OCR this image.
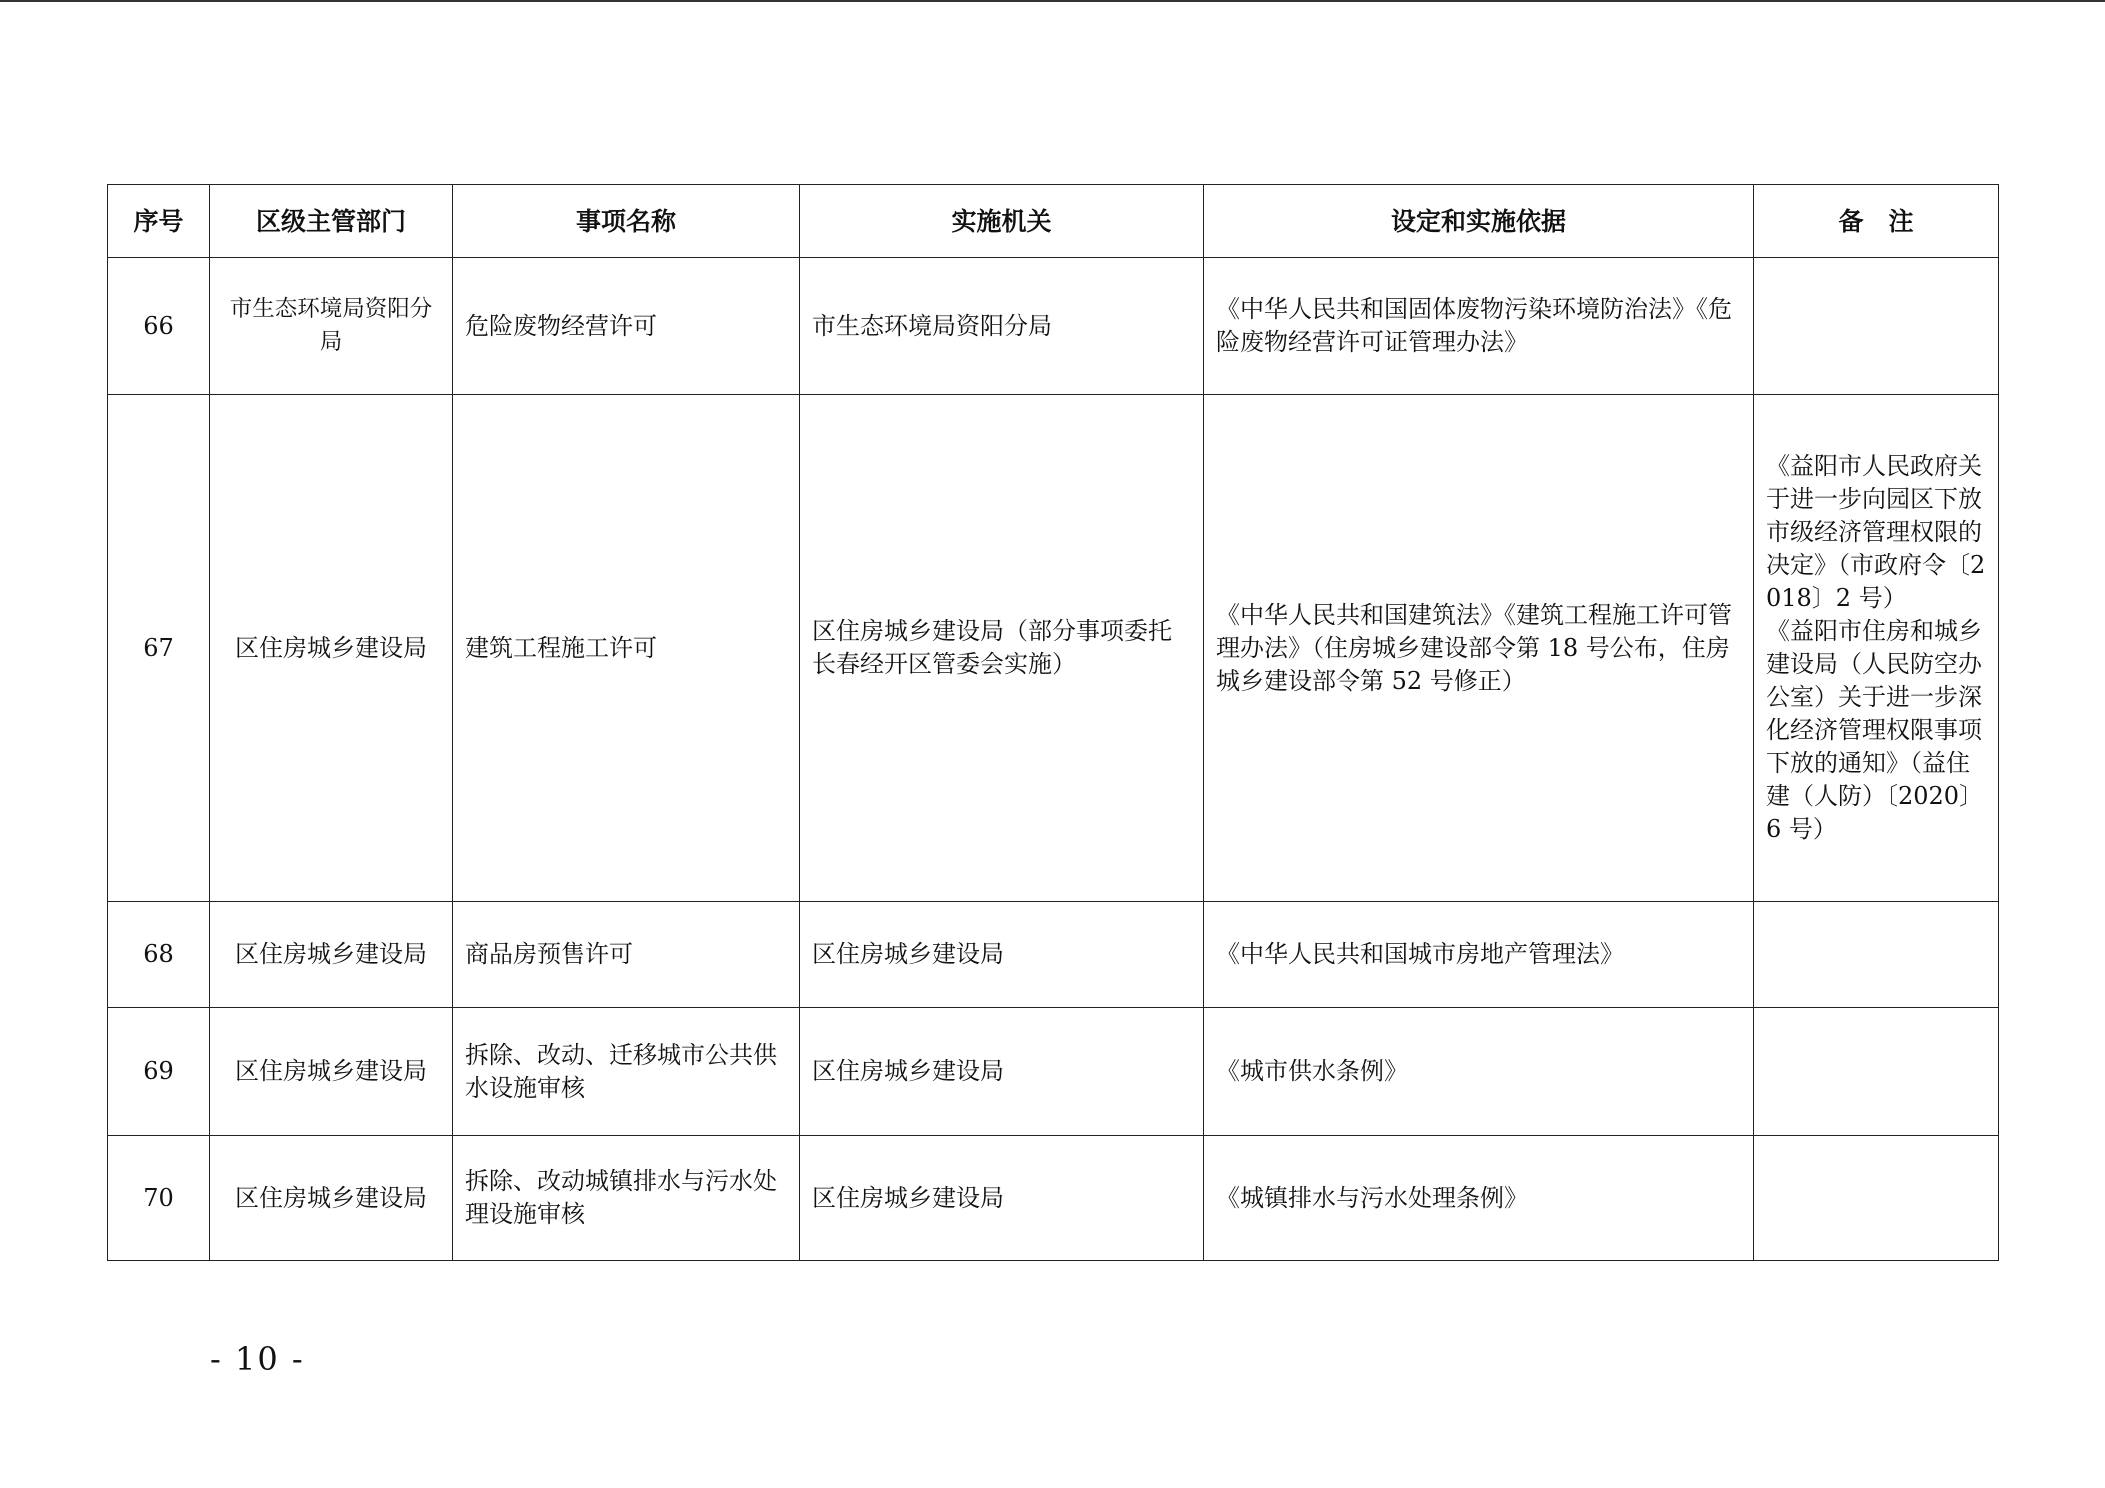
序号	区级主管部门	事项名称	实施机关	设定和实施依据	备　注
66	市生态环境局资阳分局	危险废物经营许可	市生态环境局资阳分局	《中华人民共和国固体废物污染环境防治法》《危险废物经营许可证管理办法》	
67	区住房城乡建设局	建筑工程施工许可	区住房城乡建设局（部分事项委托长春经开区管委会实施）	《中华人民共和国建筑法》《建筑工程施工许可管理办法》（住房城乡建设部令第 18 号公布，住房城乡建设部令第 52 号修正）	《益阳市人民政府关于进一步向园区下放市级经济管理权限的决定》（市政府令〔2018〕2 号）
《益阳市住房和城乡建设局（人民防空办公室）关于进一步深化经济管理权限事项下放的通知》（益住建（人防）〔2020〕6 号）

68	区住房城乡建设局	商品房预售许可	区住房城乡建设局	《中华人民共和国城市房地产管理法》	
69	区住房城乡建设局	拆除、改动、迁移城市公共供水设施审核	区住房城乡建设局	《城市供水条例》	
70	区住房城乡建设局	拆除、改动城镇排水与污水处理设施审核	区住房城乡建设局	《城镇排水与污水处理条例》	
- 10 -
